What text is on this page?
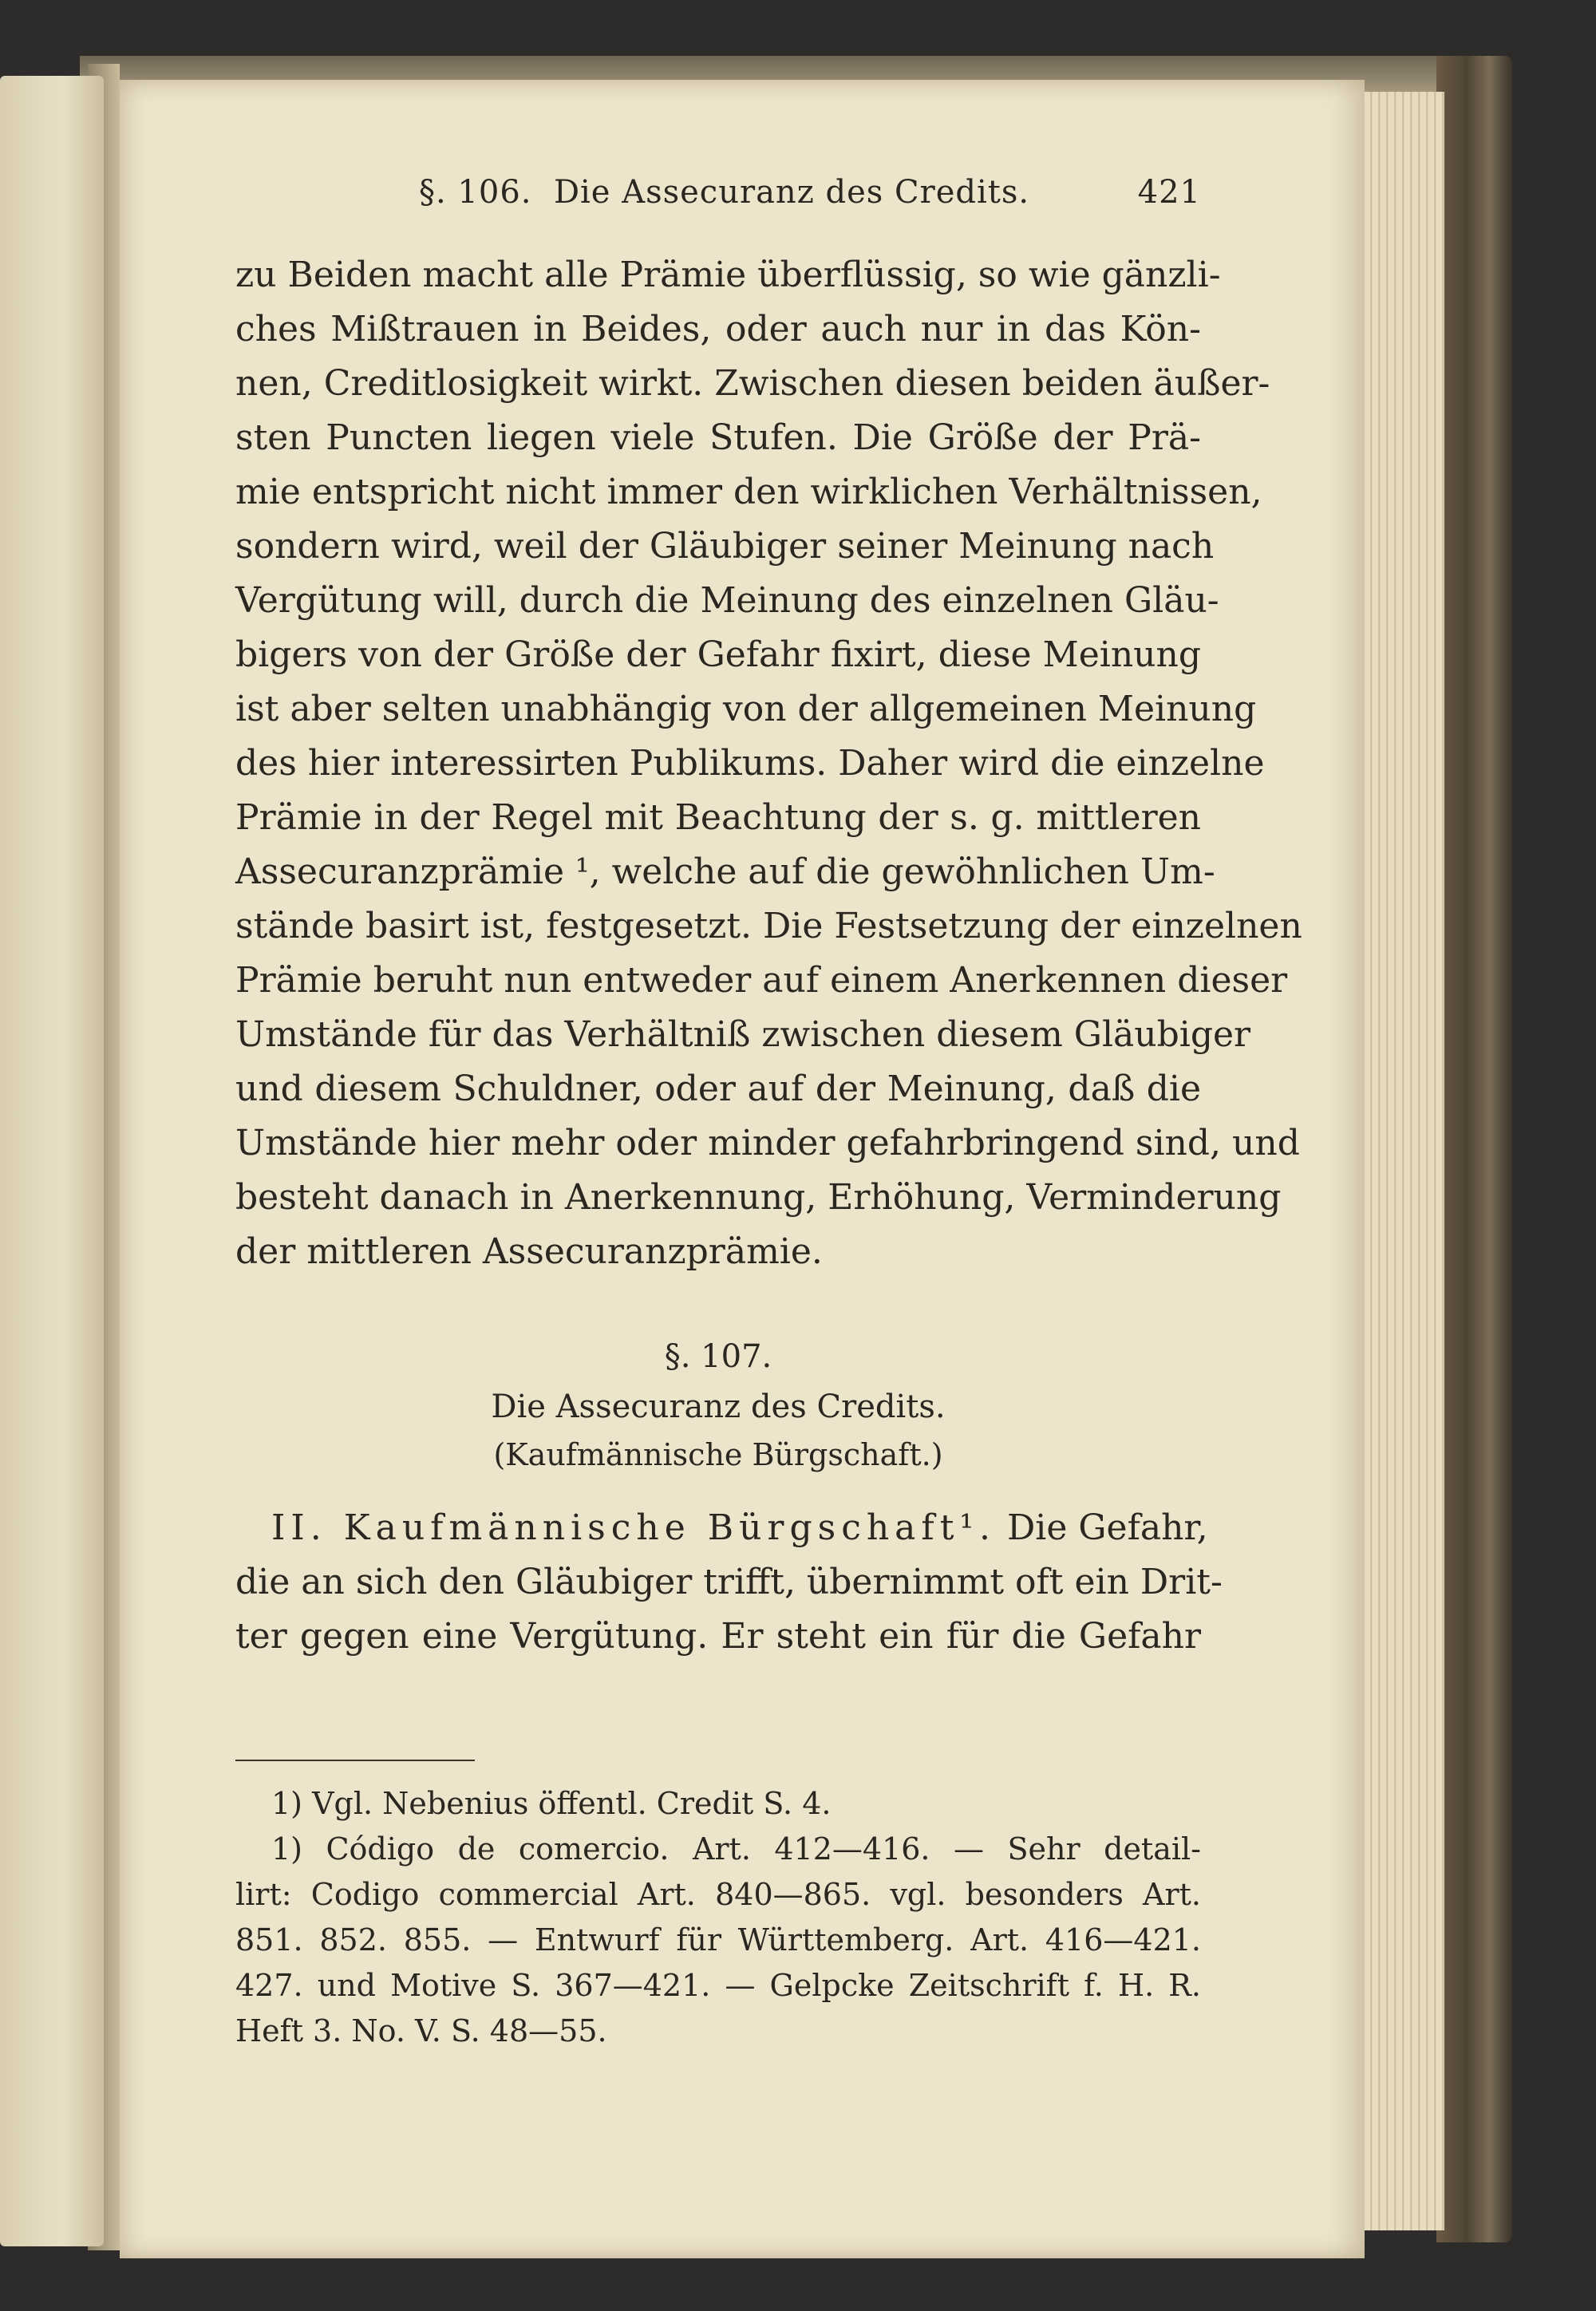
§. 106. Die Assecuranz des Credits.	421
zu Beiden macht alle Prämie überflüssig, so wie gänzli-
ches Mißtrauen in Beides, oder auch nur in das Kön-
nen, Creditlosigkeit wirkt. Zwischen diesen beiden äußer-
sten Puncten liegen viele Stufen. Die Größe der Prä-
mie entspricht nicht immer den wirklichen Verhältnissen,
sondern wird, weil der Gläubiger seiner Meinung nach
Vergütung will, durch die Meinung des einzelnen Gläu-
bigers von der Größe der Gefahr fixirt, diese Meinung
ist aber selten unabhängig von der allgemeinen Meinung
des hier interessirten Publikums. Daher wird die einzelne
Prämie in der Regel mit Beachtung der s. g. mittleren
Assecuranzprämie ¹, welche auf die gewöhnlichen Um-
stände basirt ist, festgesetzt. Die Festsetzung der einzelnen
Prämie beruht nun entweder auf einem Anerkennen dieser
Umstände für das Verhältniß zwischen diesem Gläubiger
und diesem Schuldner, oder auf der Meinung, daß die
Umstände hier mehr oder minder gefahrbringend sind, und
besteht danach in Anerkennung, Erhöhung, Verminderung
der mittleren Assecuranzprämie.
§. 107.
Die Assecuranz des Credits.
(Kaufmännische Bürgschaft.)
II. Kaufmännische Bürgschaft¹. Die Gefahr,
die an sich den Gläubiger trifft, übernimmt oft ein Drit-
ter gegen eine Vergütung. Er steht ein für die Gefahr
1) Vgl. Nebenius öffentl. Credit S. 4.
1) Código de comercio. Art. 412—416. — Sehr detail-
lirt: Codigo commercial Art. 840—865. vgl. besonders Art.
851. 852. 855. — Entwurf für Württemberg. Art. 416—421.
427. und Motive S. 367—421. — Gelpcke Zeitschrift f. H. R.
Heft 3. No. V. S. 48—55.
